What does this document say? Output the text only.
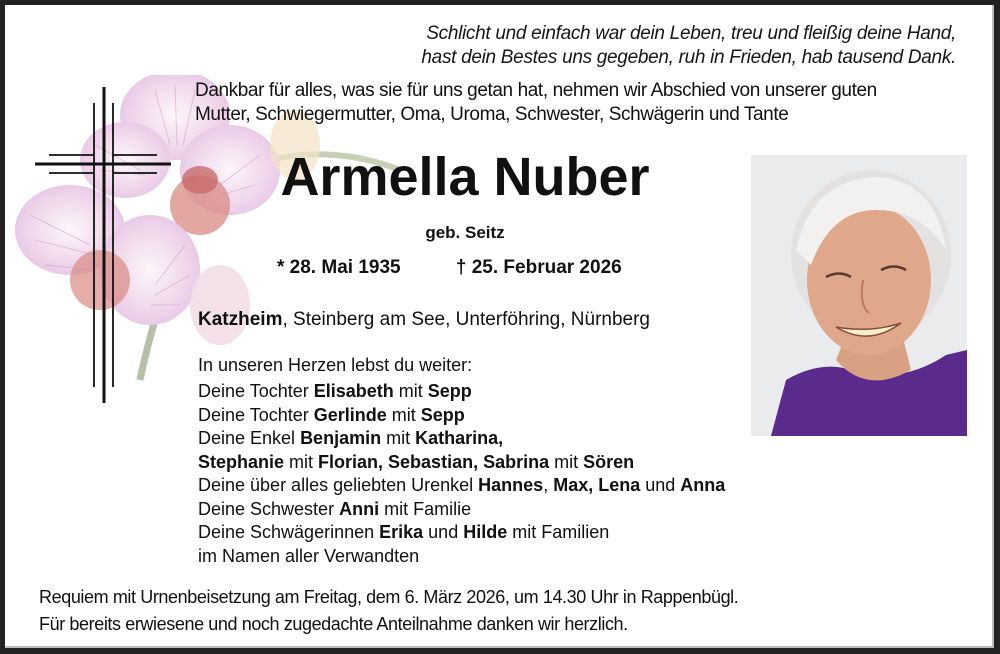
Schlicht und einfach war dein Leben, treu und fleißig deine Hand,
hast dein Bestes uns gegeben, ruh in Frieden, hab tausend Dank.
Dankbar für alles, was sie für uns getan hat, nehmen wir Abschied von unserer guten
Mutter, Schwiegermutter, Oma, Uroma, Schwester, Schwägerin und Tante
Armella Nuber
geb. Seitz
* 28. Mai 1935	† 25. Februar 2026
Katzheim, Steinberg am See, Unterföhring, Nürnberg
In unseren Herzen lebst du weiter:
Deine Tochter Elisabeth mit Sepp
Deine Tochter Gerlinde mit Sepp
Deine Enkel Benjamin mit Katharina,
Stephanie mit Florian, Sebastian, Sabrina mit Sören
Deine über alles geliebten Urenkel Hannes, Max, Lena und Anna
Deine Schwester Anni mit Familie
Deine Schwägerinnen Erika und Hilde mit Familien
im Namen aller Verwandten
Requiem mit Urnenbeisetzung am Freitag, dem 6. März 2026, um 14.30 Uhr in Rappenbügl.
Für bereits erwiesene und noch zugedachte Anteilnahme danken wir herzlich.
